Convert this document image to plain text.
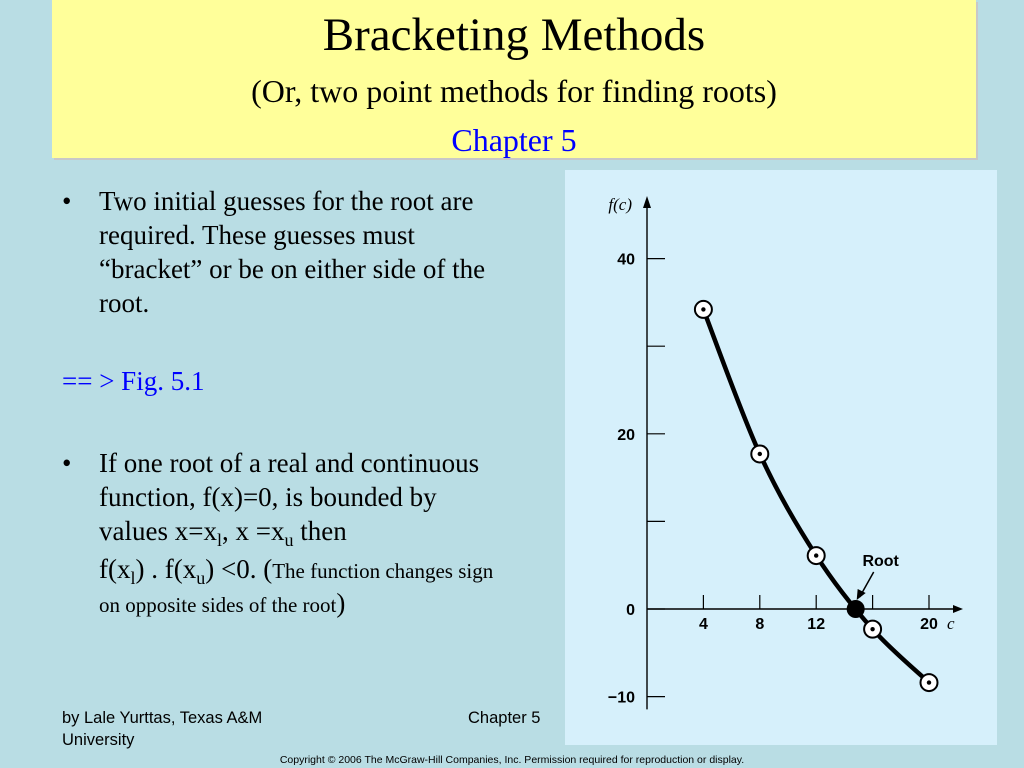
Bracketing Methods
(Or, two point methods for finding roots)
Chapter 5
• Two initial guesses for the root are required. These guesses must “bracket” or be on either side of the root.
== > Fig. 5.1
• If one root of a real and continuous function, f(x)=0, is bounded by values $x=x_l$, $x =x_u$ then
$f(x_l)$ . $f(x_u) <0$. (The function changes sign on opposite sides of the root)
by Lale Yurttas, Texas A&M University
Chapter 5
Copyright © 2006 The McGraw-Hill Companies, Inc. Permission required for reproduction or display.
40
20
0
−10
4	8	12	20
f(c)
c
Root
